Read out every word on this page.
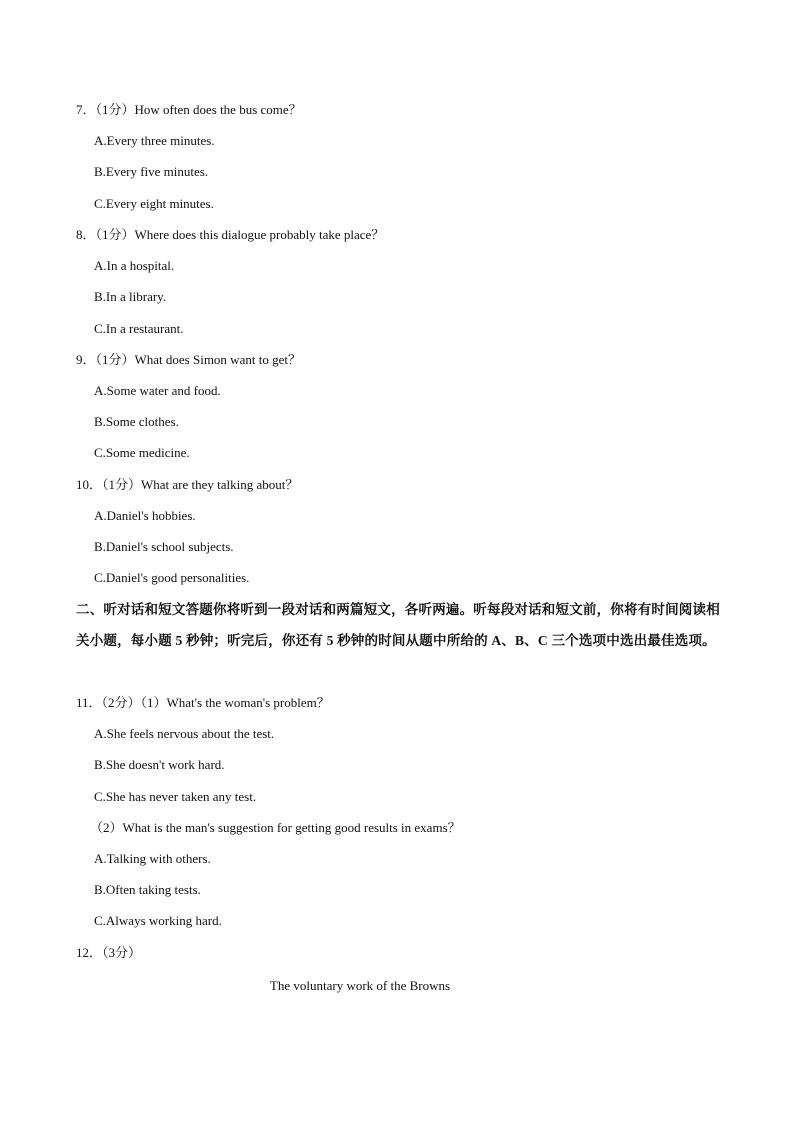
7．（1分）How often does the bus come？
A.Every three minutes.
B.Every five minutes.
C.Every eight minutes.
8．（1分）Where does this dialogue probably take place？
A.In a hospital.
B.In a library.
C.In a restaurant.
9．（1分）What does Simon want to get？
A.Some water and food.
B.Some clothes.
C.Some medicine.
10．（1分）What are they talking about？
A.Daniel's hobbies.
B.Daniel's school subjects.
C.Daniel's good personalities.
二、听对话和短文答题你将听到一段对话和两篇短文，各听两遍。听每段对话和短文前，你将有时间阅读相关小题，每小题 5 秒钟；听完后，你还有 5 秒钟的时间从题中所给的 A、B、C 三个选项中选出最佳选项。
11．（2分）（1）What's the woman's problem？
A.She feels nervous about the test.
B.She doesn't work hard.
C.She has never taken any test.
（2）What is the man's suggestion for getting good results in exams？
A.Talking with others.
B.Often taking tests.
C.Always working hard.
12．（3分）
The voluntary work of the Browns
